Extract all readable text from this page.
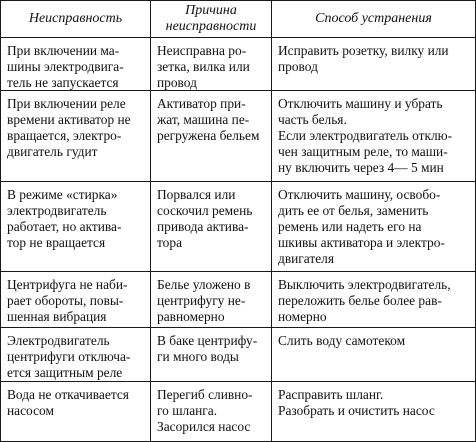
Неисправность
Причина
неисправности
Способ устранения
При включении ма-
шины электродвига-
тель не запускается
Неисправна ро-
зетка, вилка или
провод
Исправить розетку, вилку или
провод
При включении реле
времени активатор не
вращается, электро-
двигатель гудит
Активатор при-
жат, машина пе-
регружена бельем
Отключить машину и убрать
часть белья.
Если электродвигатель отклю-
чен защитным реле, то маши-
ну включить через 4— 5 мин
В режиме «стирка»
электродвигатель
работает, но актива-
тор не вращается
Порвался или
соскочил ремень
привода актива-
тора
Отключить машину, освобо-
дить ее от белья, заменить
ремень или надеть его на
шкивы активатора и электро-
двигателя
Центрифуга не наби-
рает обороты, повы-
шенная вибрация
Белье уложено в
центрифугу не-
равномерно
Выключить электродвигатель,
переложить белье более рав-
номерно
Электродвигатель
центрифуги отключа-
ется защитным реле
В баке центрифу-
ги много воды
Слить воду самотеком
Вода не откачивается
насосом
Перегиб сливно-
го шланга.
Засорился насос
Расправить шланг.
Разобрать и очистить насос
